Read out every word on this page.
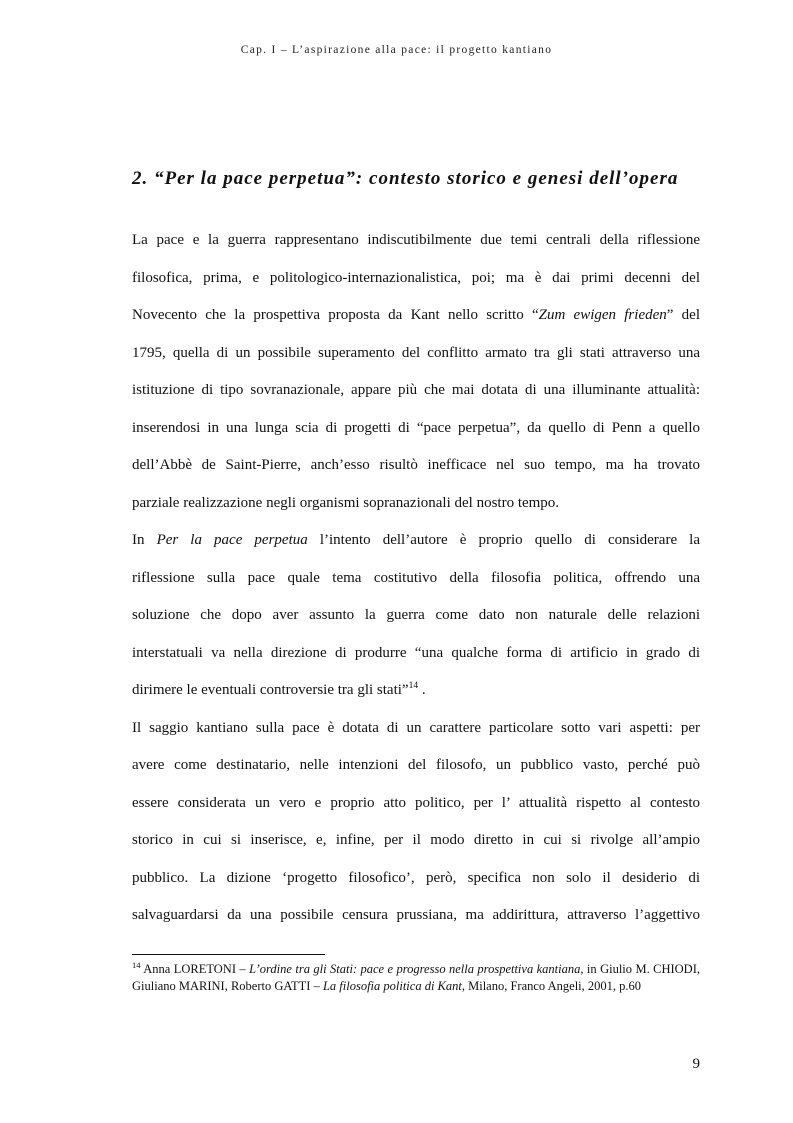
Cap. I – L’aspirazione alla pace: il progetto kantiano
2. “Per la pace perpetua”: contesto storico e genesi dell’opera
La pace e la guerra rappresentano indiscutibilmente due temi centrali della riflessione
filosofica, prima, e politologico-internazionalistica, poi; ma è dai primi decenni del
Novecento che la prospettiva proposta da Kant nello scritto “Zum ewigen frieden” del
1795, quella di un possibile superamento del conflitto armato tra gli stati attraverso una
istituzione di tipo sovranazionale, appare più che mai dotata di una illuminante attualità:
inserendosi in una lunga scia di progetti di “pace perpetua”, da quello di Penn a quello
dell’Abbè de Saint-Pierre, anch’esso risultò inefficace nel suo tempo, ma ha trovato
parziale realizzazione negli organismi sopranazionali del nostro tempo.
In Per la pace perpetua l’intento dell’autore è proprio quello di considerare la
riflessione sulla pace quale tema costitutivo della filosofia politica, offrendo una
soluzione che dopo aver assunto la guerra come dato non naturale delle relazioni
interstatuali va nella direzione di produrre “una qualche forma di artificio in grado di
dirimere le eventuali controversie tra gli stati”$^{14}$ .
Il saggio kantiano sulla pace è dotata di un carattere particolare sotto vari aspetti: per
avere come destinatario, nelle intenzioni del filosofo, un pubblico vasto, perché può
essere considerata un vero e proprio atto politico, per l’ attualità rispetto al contesto
storico in cui si inserisce, e, infine, per il modo diretto in cui si rivolge all’ampio
pubblico. La dizione ‘progetto filosofico’, però, specifica non solo il desiderio di
salvaguardarsi da una possibile censura prussiana, ma addirittura, attraverso l’aggettivo
$^{14}$ Anna LORETONI – L’ordine tra gli Stati: pace e progresso nella prospettiva kantiana, in Giulio M. CHIODI, Giuliano MARINI, Roberto GATTI – La filosofia politica di Kant, Milano, Franco Angeli, 2001, p.60
9
